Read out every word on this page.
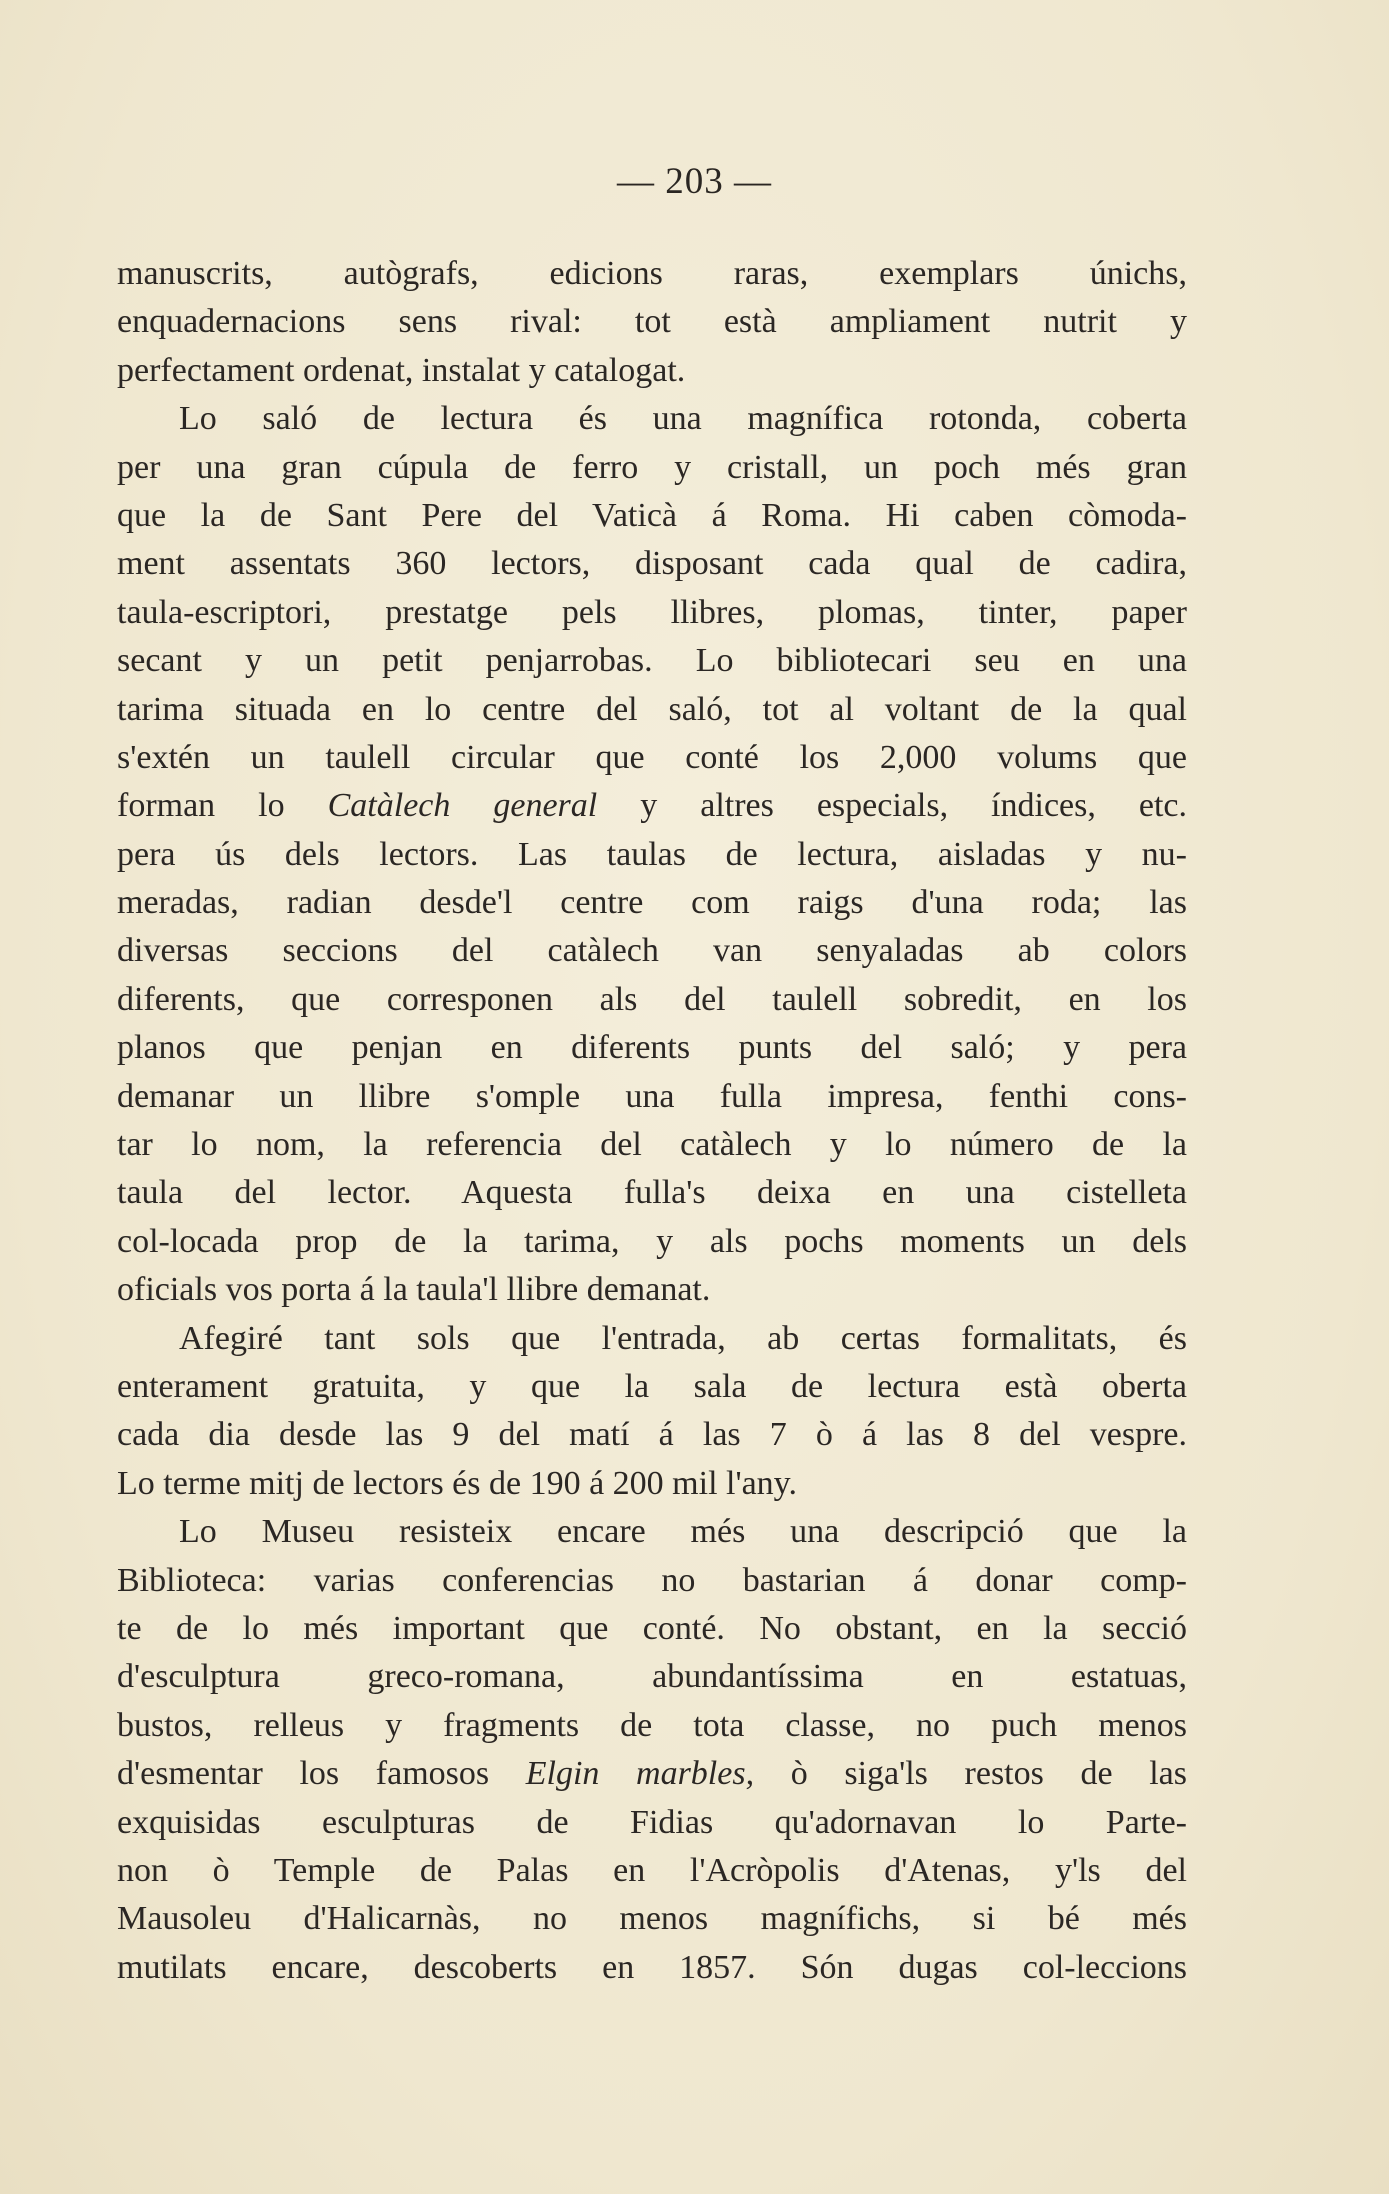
— 203 —
manuscrits, autògrafs, edicions raras, exemplars únichs,
enquadernacions sens rival: tot està ampliament nutrit y
perfectament ordenat, instalat y catalogat.
Lo saló de lectura és una magnífica rotonda, coberta
per una gran cúpula de ferro y cristall, un poch més gran
que la de Sant Pere del Vaticà á Roma. Hi caben còmoda-
ment assentats 360 lectors, disposant cada qual de cadira,
taula-escriptori, prestatge pels llibres, plomas, tinter, paper
secant y un petit penjarrobas. Lo bibliotecari seu en una
tarima situada en lo centre del saló, tot al voltant de la qual
s'extén un taulell circular que conté los 2,000 volums que
forman lo Catàlech general y altres especials, índices, etc.
pera ús dels lectors. Las taulas de lectura, aisladas y nu-
meradas, radian desde'l centre com raigs d'una roda; las
diversas seccions del catàlech van senyaladas ab colors
diferents, que corresponen als del taulell sobredit, en los
planos que penjan en diferents punts del saló; y pera
demanar un llibre s'omple una fulla impresa, fenthi cons-
tar lo nom, la referencia del catàlech y lo número de la
taula del lector. Aquesta fulla's deixa en una cistelleta
col-locada prop de la tarima, y als pochs moments un dels
oficials vos porta á la taula'l llibre demanat.
Afegiré tant sols que l'entrada, ab certas formalitats, és
enterament gratuita, y que la sala de lectura està oberta
cada dia desde las 9 del matí á las 7 ò á las 8 del vespre.
Lo terme mitj de lectors és de 190 á 200 mil l'any.
Lo Museu resisteix encare més una descripció que la
Biblioteca: varias conferencias no bastarian á donar comp-
te de lo més important que conté. No obstant, en la secció
d'esculptura greco-romana, abundantíssima en estatuas,
bustos, relleus y fragments de tota classe, no puch menos
d'esmentar los famosos Elgin marbles, ò siga'ls restos de las
exquisidas esculpturas de Fidias qu'adornavan lo Parte-
non ò Temple de Palas en l'Acròpolis d'Atenas, y'ls del
Mausoleu d'Halicarnàs, no menos magnífichs, si bé més
mutilats encare, descoberts en 1857. Són dugas col-leccions
